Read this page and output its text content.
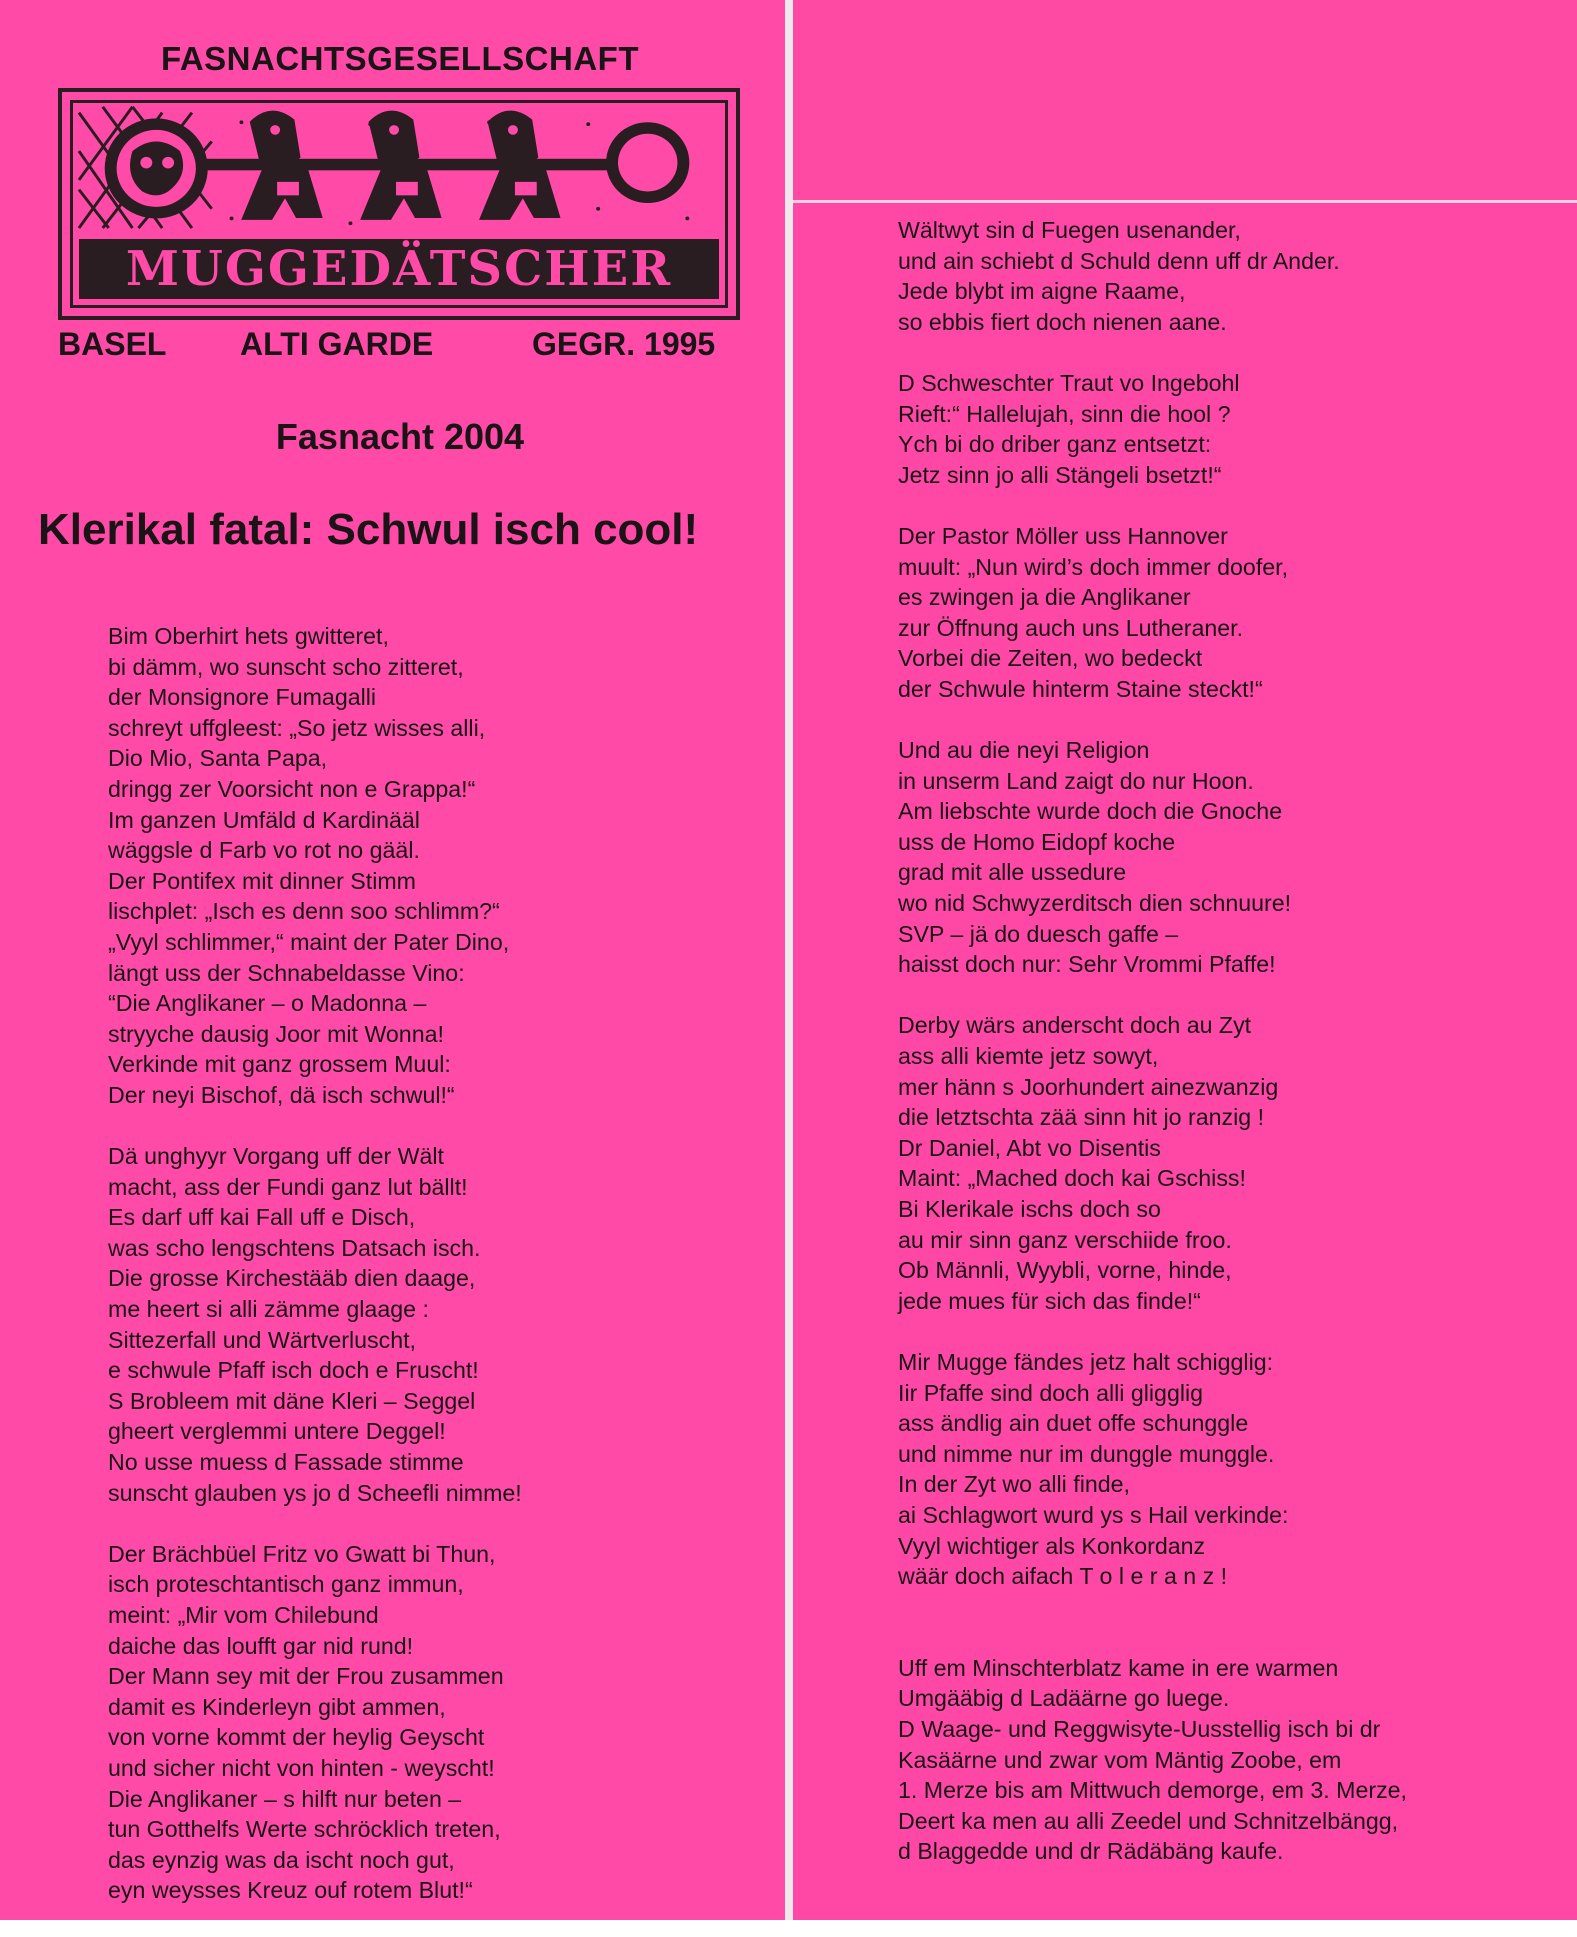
FASNACHTSGESELLSCHAFT
MUGGEDÄTSCHER
BASEL ALTI GARDE	GEGR. 1995
Fasnacht 2004
Klerikal fatal: Schwul isch cool!
Bim Oberhirt hets gwitteret,
bi dämm, wo sunscht scho zitteret,
der Monsignore Fumagalli
schreyt uffgleest: „So jetz wisses alli,
Dio Mio, Santa Papa,
dringg zer Voorsicht non e Grappa!“
Im ganzen Umfäld d Kardinääl
wäggsle d Farb vo rot no gääl.
Der Pontifex mit dinner Stimm
lischplet: „Isch es denn soo schlimm?“
„Vyyl schlimmer,“ maint der Pater Dino,
längt uss der Schnabeldasse Vino:
“Die Anglikaner – o Madonna –
stryyche dausig Joor mit Wonna!
Verkinde mit ganz grossem Muul:
Der neyi Bischof, dä isch schwul!“
Dä unghyyr Vorgang uff der Wält
macht, ass der Fundi ganz lut bällt!
Es darf uff kai Fall uff e Disch,
was scho lengschtens Datsach isch.
Die grosse Kirchestääb dien daage,
me heert si alli zämme glaage :
Sittezerfall und Wärtverluscht,
e schwule Pfaff isch doch e Fruscht!
S Brobleem mit däne Kleri – Seggel
gheert verglemmi untere Deggel!
No usse muess d Fassade stimme
sunscht glauben ys jo d Scheefli nimme!
Der Brächbüel Fritz vo Gwatt bi Thun,
isch proteschtantisch ganz immun,
meint: „Mir vom Chilebund
daiche das loufft gar nid rund!
Der Mann sey mit der Frou zusammen
damit es Kinderleyn gibt ammen,
von vorne kommt der heylig Geyscht
und sicher nicht von hinten - weyscht!
Die Anglikaner – s hilft nur beten –
tun Gotthelfs Werte schröcklich treten,
das eynzig was da ischt noch gut,
eyn weysses Kreuz ouf rotem Blut!“
Wältwyt sin d Fuegen usenander,
und ain schiebt d Schuld denn uff dr Ander.
Jede blybt im aigne Raame,
so ebbis fiert doch nienen aane.
D Schweschter Traut vo Ingebohl
Rieft:“ Hallelujah, sinn die hool ?
Ych bi do driber ganz entsetzt:
Jetz sinn jo alli Stängeli bsetzt!“
Der Pastor Möller uss Hannover
muult: „Nun wird’s doch immer doofer,
es zwingen ja die Anglikaner
zur Öffnung auch uns Lutheraner.
Vorbei die Zeiten, wo bedeckt
der Schwule hinterm Staine steckt!“
Und au die neyi Religion
in unserm Land zaigt do nur Hoon.
Am liebschte wurde doch die Gnoche
uss de Homo Eidopf koche
grad mit alle ussedure
wo nid Schwyzerditsch dien schnuure!
SVP – jä do duesch gaffe –
haisst doch nur: Sehr Vrommi Pfaffe!
Derby wärs anderscht doch au Zyt
ass alli kiemte jetz sowyt,
mer hänn s Joorhundert ainezwanzig
die letztschta zää sinn hit jo ranzig !
Dr Daniel, Abt vo Disentis
Maint: „Mached doch kai Gschiss!
Bi Klerikale ischs doch so
au mir sinn ganz verschiide froo.
Ob Männli, Wyybli, vorne, hinde,
jede mues für sich das finde!“
Mir Mugge fändes jetz halt schigglig:
Iir Pfaffe sind doch alli gligglig
ass ändlig ain duet offe schunggle
und nimme nur im dunggle munggle.
In der Zyt wo alli finde,
ai Schlagwort wurd ys s Hail verkinde:
Vyyl wichtiger als Konkordanz
wäär doch aifach T o l e r a n z !
Uff em Minschterblatz kame in ere warmen
Umgääbig d Ladäärne go luege.
D Waage- und Reggwisyte-Uusstellig isch bi dr
Kasäärne und zwar vom Mäntig Zoobe, em
1. Merze bis am Mittwuch demorge, em 3. Merze,
Deert ka men au alli Zeedel und Schnitzelbängg,
d Blaggedde und dr Rädäbäng kaufe.
